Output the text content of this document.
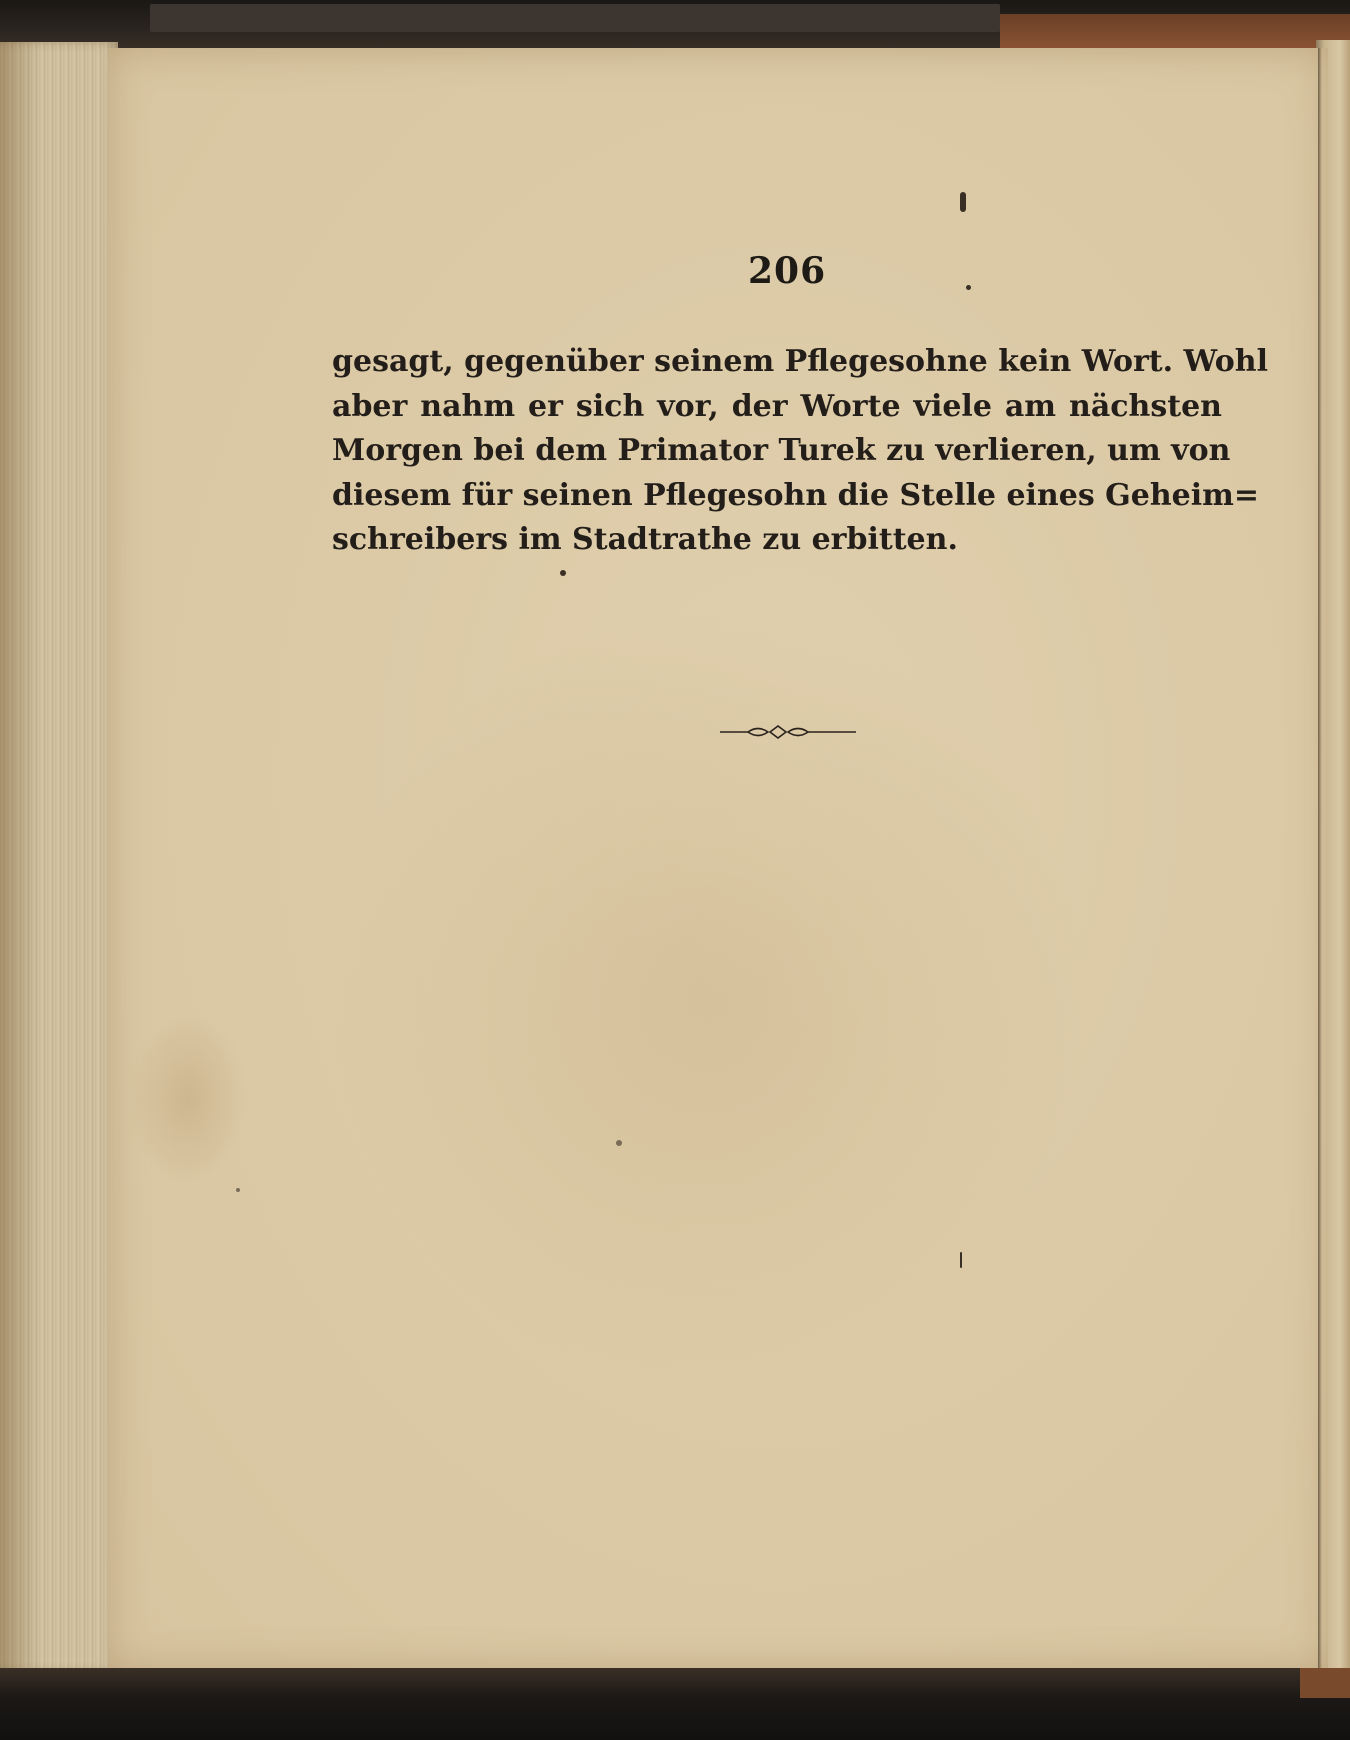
206
gesagt, gegenüber seinem Pflegesohne kein Wort. Wohl
aber nahm er sich vor, der Worte viele am nächsten
Morgen bei dem Primator Turek zu verlieren, um von
diesem für seinen Pflegesohn die Stelle eines Geheim=
schreibers im Stadtrathe zu erbitten.
